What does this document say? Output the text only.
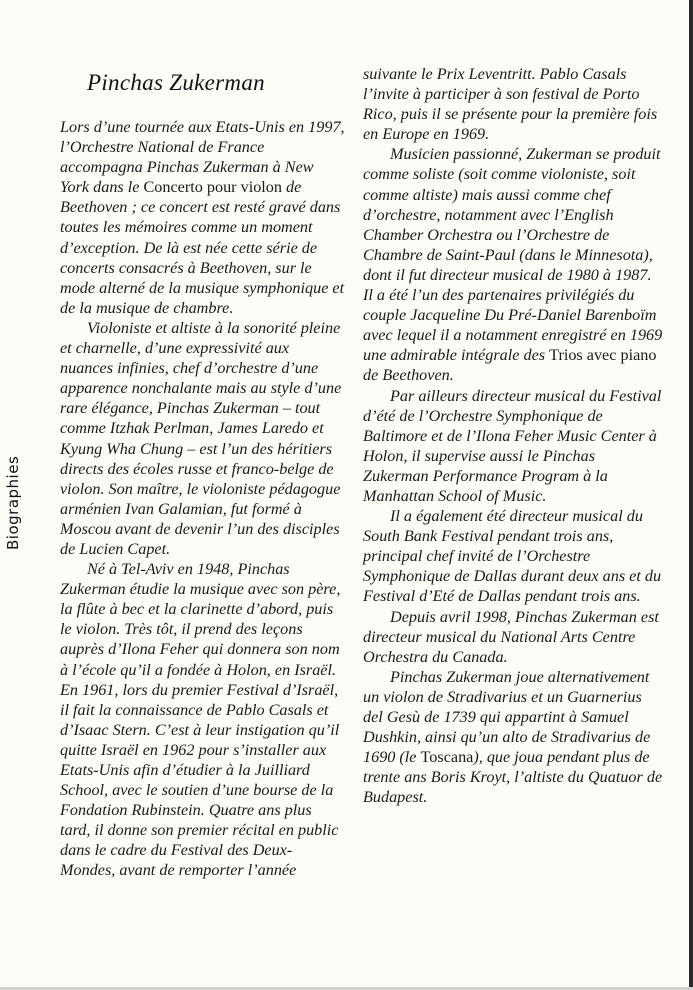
Biographies
Pinchas Zukerman

Lors d’une tournée aux Etats-Unis en 1997, l’Orchestre National de France accompagna Pinchas Zukerman à New York dans le Concerto pour violon de Beethoven ; ce concert est resté gravé dans toutes les mémoires comme un moment d’exception. De là est née cette série de concerts consacrés à Beethoven, sur le mode alterné de la musique symphonique et de la musique de chambre.

Violoniste et altiste à la sonorité pleine et charnelle, d’une expressivité aux nuances infinies, chef d’orchestre d’une apparence nonchalante mais au style d’une rare élégance, Pinchas Zukerman – tout comme Itzhak Perlman, James Laredo et Kyung Wha Chung – est l’un des héritiers directs des écoles russe et franco-belge de violon. Son maître, le violoniste pédagogue arménien Ivan Galamian, fut formé à Moscou avant de devenir l’un des disciples de Lucien Capet.

Né à Tel-Aviv en 1948, Pinchas Zukerman étudie la musique avec son père, la flûte à bec et la clarinette d’abord, puis le violon. Très tôt, il prend des leçons auprès d’Ilona Feher qui donnera son nom à l’école qu’il a fondée à Holon, en Israël. En 1961, lors du premier Festival d’Israël, il fait la connaissance de Pablo Casals et d’Isaac Stern. C’est à leur instigation qu’il quitte Israël en 1962 pour s’installer aux Etats-Unis afin d’étudier à la Juilliard School, avec le soutien d’une bourse de la Fondation Rubinstein. Quatre ans plus tard, il donne son premier récital en public dans le cadre du Festival des Deux-Mondes, avant de remporter l’année

suivante le Prix Leventritt. Pablo Casals l’invite à participer à son festival de Porto Rico, puis il se présente pour la première fois en Europe en 1969.

Musicien passionné, Zukerman se produit comme soliste (soit comme violoniste, soit comme altiste) mais aussi comme chef d’orchestre, notamment avec l’English Chamber Orchestra ou l’Orchestre de Chambre de Saint-Paul (dans le Minnesota), dont il fut directeur musical de 1980 à 1987. Il a été l’un des partenaires privilégiés du couple Jacqueline Du Pré-Daniel Barenboïm avec lequel il a notamment enregistré en 1969 une admirable intégrale des Trios avec piano de Beethoven.

Par ailleurs directeur musical du Festival d’été de l’Orchestre Symphonique de Baltimore et de l’Ilona Feher Music Center à Holon, il supervise aussi le Pinchas Zukerman Performance Program à la Manhattan School of Music.

Il a également été directeur musical du South Bank Festival pendant trois ans, principal chef invité de l’Orchestre Symphonique de Dallas durant deux ans et du Festival d’Eté de Dallas pendant trois ans.

Depuis avril 1998, Pinchas Zukerman est directeur musical du National Arts Centre Orchestra du Canada.

Pinchas Zukerman joue alternativement un violon de Stradivarius et un Guarnerius del Gesù de 1739 qui appartint à Samuel Dushkin, ainsi qu’un alto de Stradivarius de 1690 (le Toscana), que joua pendant plus de trente ans Boris Kroyt, l’altiste du Quatuor de Budapest.
